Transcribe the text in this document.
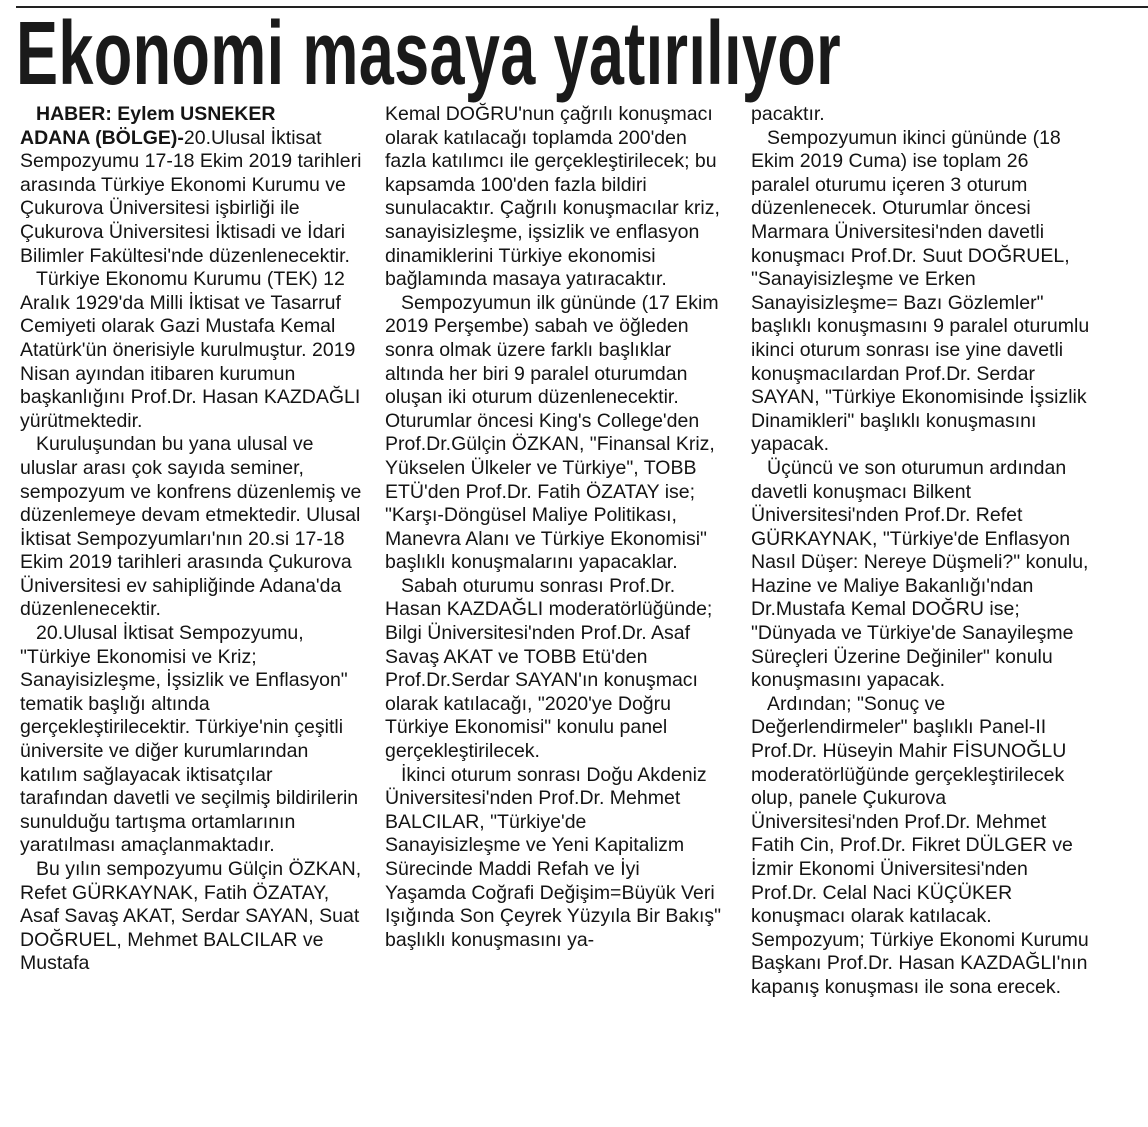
Ekonomi masaya yatırılıyor

HABER: Eylem USNEKER

ADANA (BÖLGE)-20.Ulusal İktisat Sempozyumu 17-18 Ekim 2019 tarihleri arasında Türkiye Ekonomi Kurumu ve Çukurova Üniversitesi işbirliği ile Çukurova Üniversitesi İktisadi ve İdari Bilimler Fakültesi'nde düzenlenecektir.

Türkiye Ekonomu Kurumu (TEK) 12 Aralık 1929'da Milli İktisat ve Tasarruf Cemiyeti olarak Gazi Mustafa Kemal Atatürk'ün önerisiyle kurulmuştur. 2019 Nisan ayından itibaren kurumun başkanlığını Prof.Dr. Hasan KAZDAĞLI yürütmektedir.

Kuruluşundan bu yana ulusal ve uluslar arası çok sayıda seminer, sempozyum ve konfrens düzenlemiş ve düzenlemeye devam etmektedir. Ulusal İktisat Sempozyumları'nın 20.si 17-18 Ekim 2019 tarihleri arasında Çukurova Üniversitesi ev sahipliğinde Adana'da düzenlenecektir.

20.Ulusal İktisat Sempozyumu, "Türkiye Ekonomisi ve Kriz; Sanayisizleşme, İşsizlik ve Enflasyon" tematik başlığı altında gerçekleştirilecektir. Türkiye'nin çeşitli üniversite ve diğer kurumlarından katılım sağlayacak iktisatçılar tarafından davetli ve seçilmiş bildirilerin sunulduğu tartışma ortamlarının yaratılması amaçlanmaktadır.

Bu yılın sempozyumu Gülçin ÖZKAN, Refet GÜRKAYNAK, Fatih ÖZATAY, Asaf Savaş AKAT, Serdar SAYAN, Suat DOĞRUEL, Mehmet BALCILAR ve Mustafa

Kemal DOĞRU'nun çağrılı konuşmacı olarak katılacağı toplamda 200'den fazla katılımcı ile gerçekleştirilecek; bu kapsamda 100'den fazla bildiri sunulacaktır. Çağrılı konuşmacılar kriz, sanayisizleşme, işsizlik ve enflasyon dinamiklerini Türkiye ekonomisi bağlamında masaya yatıracaktır.

Sempozyumun ilk gününde (17 Ekim 2019 Perşembe) sabah ve öğleden sonra olmak üzere farklı başlıklar altında her biri 9 paralel oturumdan oluşan iki oturum düzenlenecektir. Oturumlar öncesi King's College'den Prof.Dr.Gülçin ÖZKAN, "Finansal Kriz, Yükselen Ülkeler ve Türkiye", TOBB ETÜ'den Prof.Dr. Fatih ÖZATAY ise; "Karşı-Döngüsel Maliye Politikası, Manevra Alanı ve Türkiye Ekonomisi" başlıklı konuşmalarını yapacaklar.

Sabah oturumu sonrası Prof.Dr. Hasan KAZDAĞLI moderatörlüğünde; Bilgi Üniversitesi'nden Prof.Dr. Asaf Savaş AKAT ve TOBB Etü'den Prof.Dr.Serdar SAYAN'ın konuşmacı olarak katılacağı, "2020'ye Doğru Türkiye Ekonomisi" konulu panel gerçekleştirilecek.

İkinci oturum sonrası Doğu Akdeniz Üniversitesi'nden Prof.Dr. Mehmet BALCILAR, "Türkiye'de Sanayisizleşme ve Yeni Kapitalizm Sürecinde Maddi Refah ve İyi Yaşamda Coğrafi Değişim=Büyük Veri Işığında Son Çeyrek Yüzyıla Bir Bakış" başlıklı konuşmasını ya-

pacaktır.

Sempozyumun ikinci gününde (18 Ekim 2019 Cuma) ise toplam 26 paralel oturumu içeren 3 oturum düzenlenecek. Oturumlar öncesi Marmara Üniversitesi'nden davetli konuşmacı Prof.Dr. Suut DOĞRUEL, "Sanayisizleşme ve Erken Sanayisizleşme= Bazı Gözlemler" başlıklı konuşmasını 9 paralel oturumlu ikinci oturum sonrası ise yine davetli konuşmacılardan Prof.Dr. Serdar SAYAN, "Türkiye Ekonomisinde İşsizlik Dinamikleri" başlıklı konuşmasını yapacak.

Üçüncü ve son oturumun ardından davetli konuşmacı Bilkent Üniversitesi'nden Prof.Dr. Refet GÜRKAYNAK, "Türkiye'de Enflasyon Nasıl Düşer: Nereye Düşmeli?" konulu, Hazine ve Maliye Bakanlığı'ndan Dr.Mustafa Kemal DOĞRU ise; "Dünyada ve Türkiye'de Sanayileşme Süreçleri Üzerine Değiniler" konulu konuşmasını yapacak.

Ardından; "Sonuç ve Değerlendirmeler" başlıklı Panel-II Prof.Dr. Hüseyin Mahir FİSUNOĞLU moderatörlüğünde gerçekleştirilecek olup, panele Çukurova Üniversitesi'nden Prof.Dr. Mehmet Fatih Cin, Prof.Dr. Fikret DÜLGER ve İzmir Ekonomi Üniversitesi'nden Prof.Dr. Celal Naci KÜÇÜKER konuşmacı olarak katılacak. Sempozyum; Türkiye Ekonomi Kurumu Başkanı Prof.Dr. Hasan KAZDAĞLI'nın kapanış konuşması ile sona erecek.
